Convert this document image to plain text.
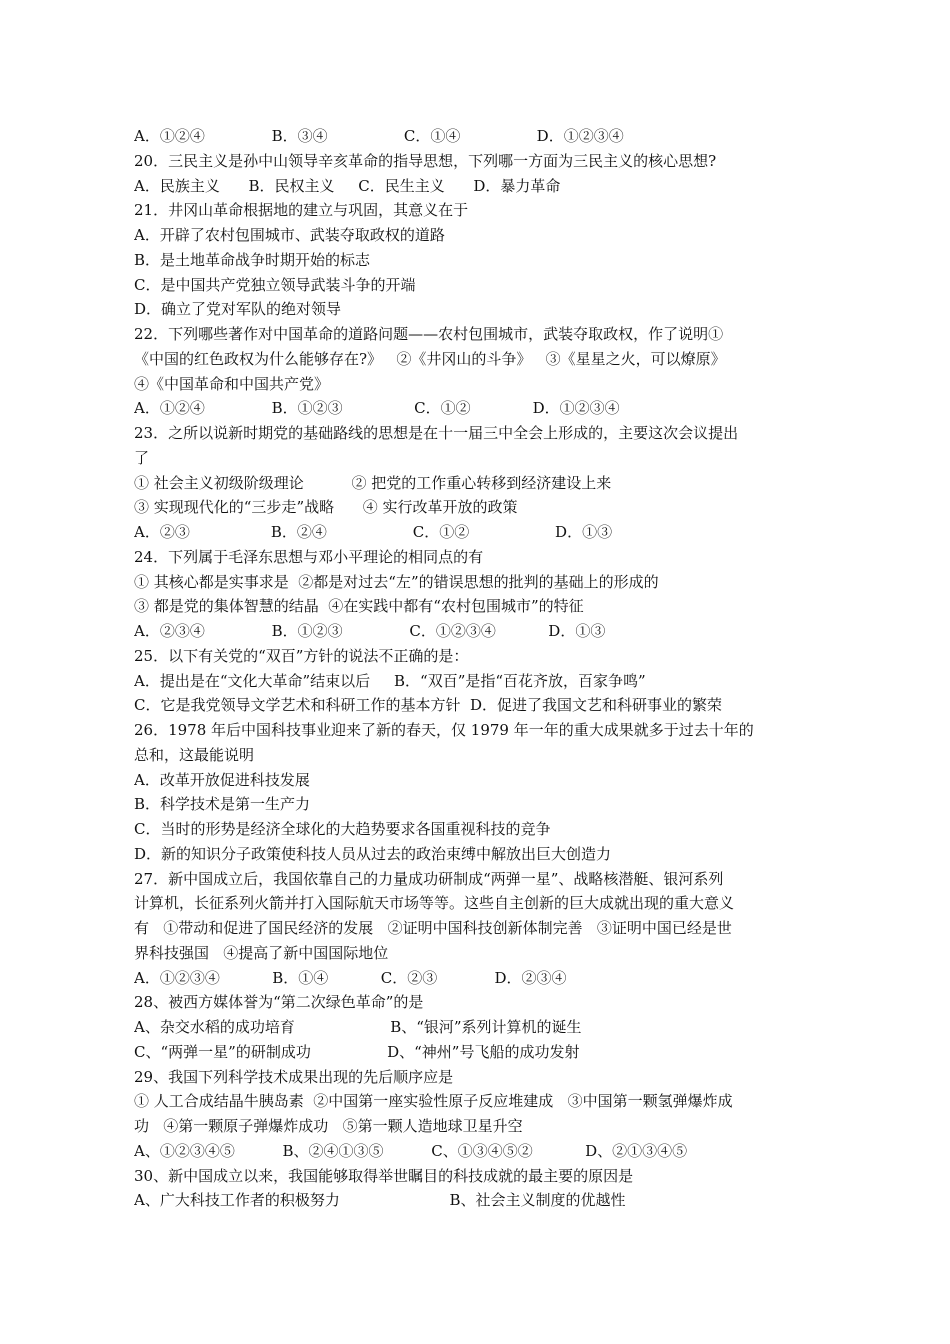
A．①②④              B．③④                C．①④                D．①②③④
20．三民主义是孙中山领导辛亥革命的指导思想，下列哪一方面为三民主义的核心思想?
A．民族主义      B．民权主义     C．民生主义      D．暴力革命
21．井冈山革命根据地的建立与巩固，其意义在于
A．开辟了农村包围城市、武装夺取政权的道路
B．是土地革命战争时期开始的标志
C．是中国共产党独立领导武装斗争的开端
D．确立了党对军队的绝对领导
22．下列哪些著作对中国革命的道路问题——农村包围城市，武装夺取政权，作了说明①
《中国的红色政权为什么能够存在?》   ②《井冈山的斗争》   ③《星星之火，可以燎原》
④《中国革命和中国共产党》
A．①②④              B．①②③               C．①②             D．①②③④
23．之所以说新时期党的基础路线的思想是在十一届三中全会上形成的，主要这次会议提出
了
① 社会主义初级阶级理论          ② 把党的工作重心转移到经济建设上来
③ 实现现代化的“三步走”战略      ④ 实行改革开放的政策
A．②③                 B．②④                  C．①②                  D．①③
24．下列属于毛泽东思想与邓小平理论的相同点的有
① 其核心都是实事求是  ②都是对过去“左”的错误思想的批判的基础上的形成的
③ 都是党的集体智慧的结晶  ④在实践中都有“农村包围城市”的特征
A．②③④              B．①②③              C．①②③④           D．①③
25．以下有关党的“双百”方针的说法不正确的是：
A．提出是在“文化大革命”结束以后     B．“双百”是指“百花齐放，百家争鸣”
C．它是我党领导文学艺术和科研工作的基本方针  D．促进了我国文艺和科研事业的繁荣
26．1978 年后中国科技事业迎来了新的春天，仅 1979 年一年的重大成果就多于过去十年的
总和，这最能说明
A．改革开放促进科技发展
B．科学技术是第一生产力
C．当时的形势是经济全球化的大趋势要求各国重视科技的竞争
D．新的知识分子政策使科技人员从过去的政治束缚中解放出巨大创造力
27．新中国成立后，我国依靠自己的力量成功研制成“两弹一星”、战略核潜艇、银河系列
计算机，长征系列火箭并打入国际航天市场等等。这些自主创新的巨大成就出现的重大意义
有   ①带动和促进了国民经济的发展   ②证明中国科技创新体制完善   ③证明中国已经是世
界科技强国   ④提高了新中国国际地位
A．①②③④           B．①④           C．②③            D．②③④
28、被西方媒体誉为“第二次绿色革命”的是
A、杂交水稻的成功培育                    B、“银河”系列计算机的诞生
C、“两弹一星”的研制成功                D、“神州”号飞船的成功发射
29、我国下列科学技术成果出现的先后顺序应是
① 人工合成结晶牛胰岛素  ②中国第一座实验性原子反应堆建成   ③中国第一颗氢弹爆炸成
功   ④第一颗原子弹爆炸成功   ⑤第一颗人造地球卫星升空
A、①②③④⑤          B、②④①③⑤          C、①③④⑤②           D、②①③④⑤
30、新中国成立以来，我国能够取得举世瞩目的科技成就的最主要的原因是
A、广大科技工作者的积极努力                       B、社会主义制度的优越性
